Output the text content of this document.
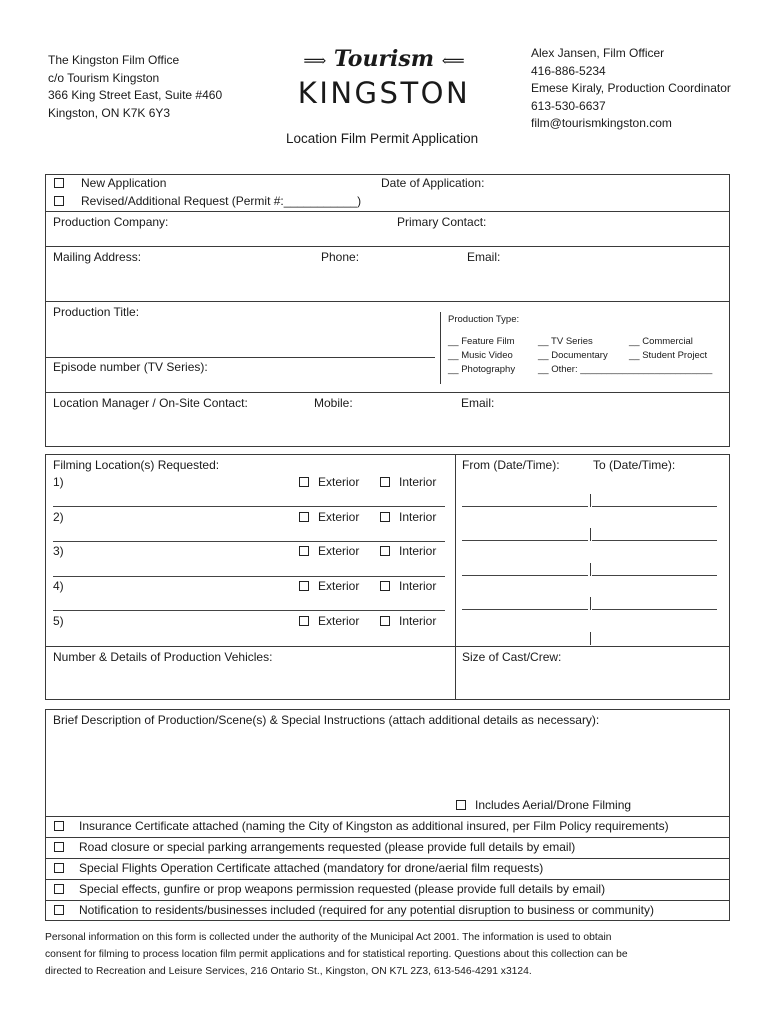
The Kingston Film Office
c/o Tourism Kingston
366 King Street East, Suite #460
Kingston, ON K7K 6Y3
⟹ Tourism ⟸
KINGSTON
Alex Jansen, Film Officer
416-886-5234
Emese Kiraly, Production Coordinator
613-530-6637
film@tourismkingston.com
Location Film Permit Application
New Application
Revised/Additional Request (Permit #:___________)
Date of Application:
Production Company:	Primary Contact:
Mailing Address:	Phone:	Email:
Production Title:
Episode number (TV Series):
Production Type:
__ Feature Film __ TV Series	__ Commercial
__ Music Video	__ Documentary __ Student Project
__ Photography __ Other: _________________________
Location Manager / On-Site Contact:	Mobile:	Email:
Filming Location(s) Requested:	From (Date/Time):	To (Date/Time):
1)	Exterior	Interior
2)	Exterior	Interior
3)	Exterior	Interior
4)	Exterior	Interior
5)	Exterior	Interior
Number & Details of Production Vehicles:	Size of Cast/Crew:
Brief Description of Production/Scene(s) & Special Instructions (attach additional details as necessary):
Includes Aerial/Drone Filming
Insurance Certificate attached (naming the City of Kingston as additional insured, per Film Policy requirements)
Road closure or special parking arrangements requested (please provide full details by email)
Special Flights Operation Certificate attached (mandatory for drone/aerial film requests)
Special effects, gunfire or prop weapons permission requested (please provide full details by email)
Notification to residents/businesses included (required for any potential disruption to business or community)
Personal information on this form is collected under the authority of the Municipal Act 2001. The information is used to obtain
consent for filming to process location film permit applications and for statistical reporting. Questions about this collection can be
directed to Recreation and Leisure Services, 216 Ontario St., Kingston, ON K7L 2Z3, 613-546-4291 x3124.
